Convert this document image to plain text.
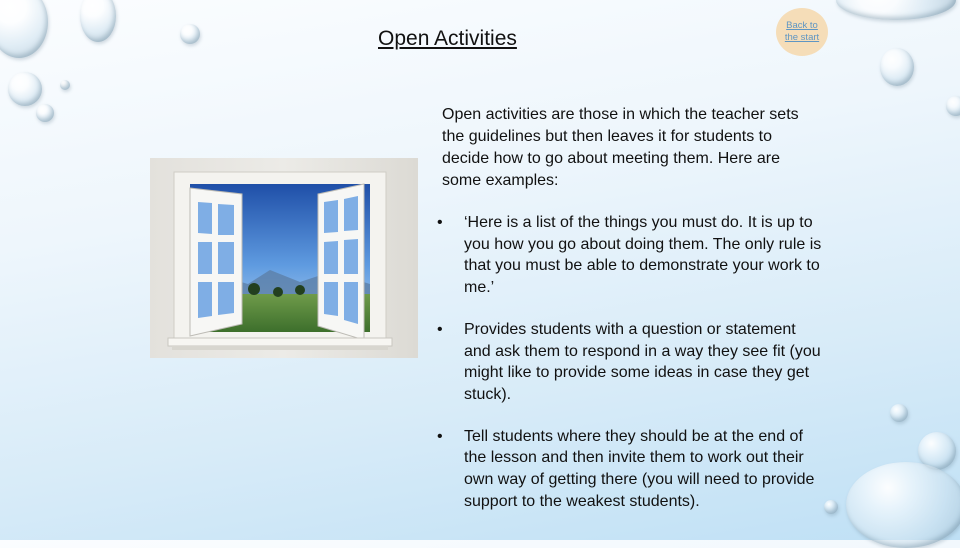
Open Activities
Back to the start

Open activities are those in which the teacher sets the guidelines but then leaves it for students to decide how to go about meeting them. Here are some examples:

• ‘Here is a list of the things you must do. It is up to you how you go about doing them. The only rule is that you must be able to demonstrate your work to me.’
• Provides students with a question or statement and ask them to respond in a way they see fit (you might like to provide some ideas in case they get stuck).
• Tell students where they should be at the end of the lesson and then invite them to work out their own way of getting there (you will need to provide support to the weakest students).
